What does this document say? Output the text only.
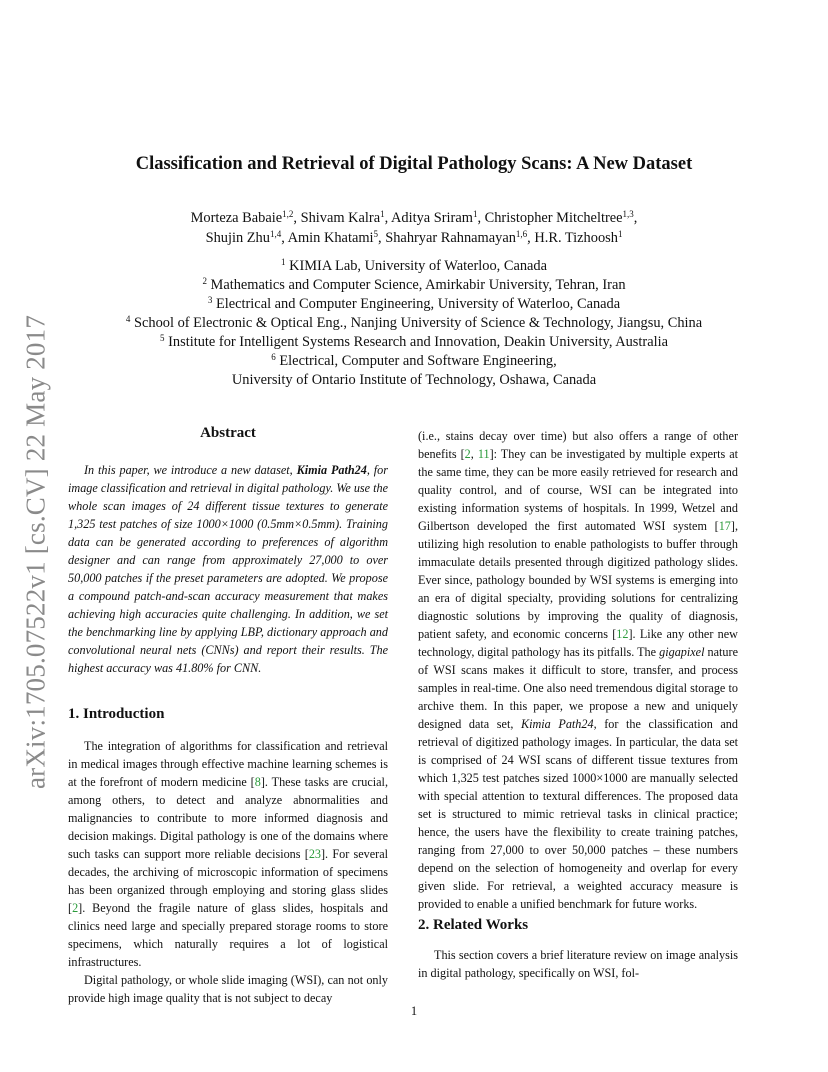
arXiv:1705.07522v1 [cs.CV] 22 May 2017
Classification and Retrieval of Digital Pathology Scans: A New Dataset
Morteza Babaie$^{1,2}$, Shivam Kalra$^1$, Aditya Sriram$^1$, Christopher Mitcheltree$^{1,3}$,
Shujin Zhu$^{1,4}$, Amin Khatami$^5$, Shahryar Rahnamayan$^{1,6}$, H.R. Tizhoosh$^1$
$^1$ KIMIA Lab, University of Waterloo, Canada
$^2$ Mathematics and Computer Science, Amirkabir University, Tehran, Iran
$^3$ Electrical and Computer Engineering, University of Waterloo, Canada
$^4$ School of Electronic & Optical Eng., Nanjing University of Science & Technology, Jiangsu, China
$^5$ Institute for Intelligent Systems Research and Innovation, Deakin University, Australia
$^6$ Electrical, Computer and Software Engineering,
University of Ontario Institute of Technology, Oshawa, Canada
Abstract

In this paper, we introduce a new dataset, Kimia Path24, for image classification and retrieval in digital pathology. We use the whole scan images of 24 different tissue textures to generate 1,325 test patches of size 1000×1000 (0.5mm×0.5mm). Training data can be generated according to preferences of algorithm designer and can range from approximately 27,000 to over 50,000 patches if the preset parameters are adopted. We propose a compound patch-and-scan accuracy measurement that makes achieving high accuracies quite challenging. In addition, we set the benchmarking line by applying LBP, dictionary approach and convolutional neural nets (CNNs) and report their results. The highest accuracy was 41.80% for CNN.

1. Introduction

The integration of algorithms for classification and retrieval in medical images through effective machine learning schemes is at the forefront of modern medicine [8]. These tasks are crucial, among others, to detect and analyze abnormalities and malignancies to contribute to more informed diagnosis and decision makings. Digital pathology is one of the domains where such tasks can support more reliable decisions [23]. For several decades, the archiving of microscopic information of specimens has been organized through employing and storing glass slides [2]. Beyond the fragile nature of glass slides, hospitals and clinics need large and specially prepared storage rooms to store specimens, which naturally requires a lot of logistical infrastructures.

Digital pathology, or whole slide imaging (WSI), can not only provide high image quality that is not subject to decay

(i.e., stains decay over time) but also offers a range of other benefits [2, 11]: They can be investigated by multiple experts at the same time, they can be more easily retrieved for research and quality control, and of course, WSI can be integrated into existing information systems of hospitals. In 1999, Wetzel and Gilbertson developed the first automated WSI system [17], utilizing high resolution to enable pathologists to buffer through immaculate details presented through digitized pathology slides. Ever since, pathology bounded by WSI systems is emerging into an era of digital specialty, providing solutions for centralizing diagnostic solutions by improving the quality of diagnosis, patient safety, and economic concerns [12]. Like any other new technology, digital pathology has its pitfalls. The gigapixel nature of WSI scans makes it difficult to store, transfer, and process samples in real-time. One also need tremendous digital storage to archive them. In this paper, we propose a new and uniquely designed data set, Kimia Path24, for the classification and retrieval of digitized pathology images. In particular, the data set is comprised of 24 WSI scans of different tissue textures from which 1,325 test patches sized 1000×1000 are manually selected with special attention to textural differences. The proposed data set is structured to mimic retrieval tasks in clinical practice; hence, the users have the flexibility to create training patches, ranging from 27,000 to over 50,000 patches – these numbers depend on the selection of homogeneity and overlap for every given slide. For retrieval, a weighted accuracy measure is provided to enable a unified benchmark for future works.

2. Related Works

This section covers a brief literature review on image analysis in digital pathology, specifically on WSI, fol-

1
